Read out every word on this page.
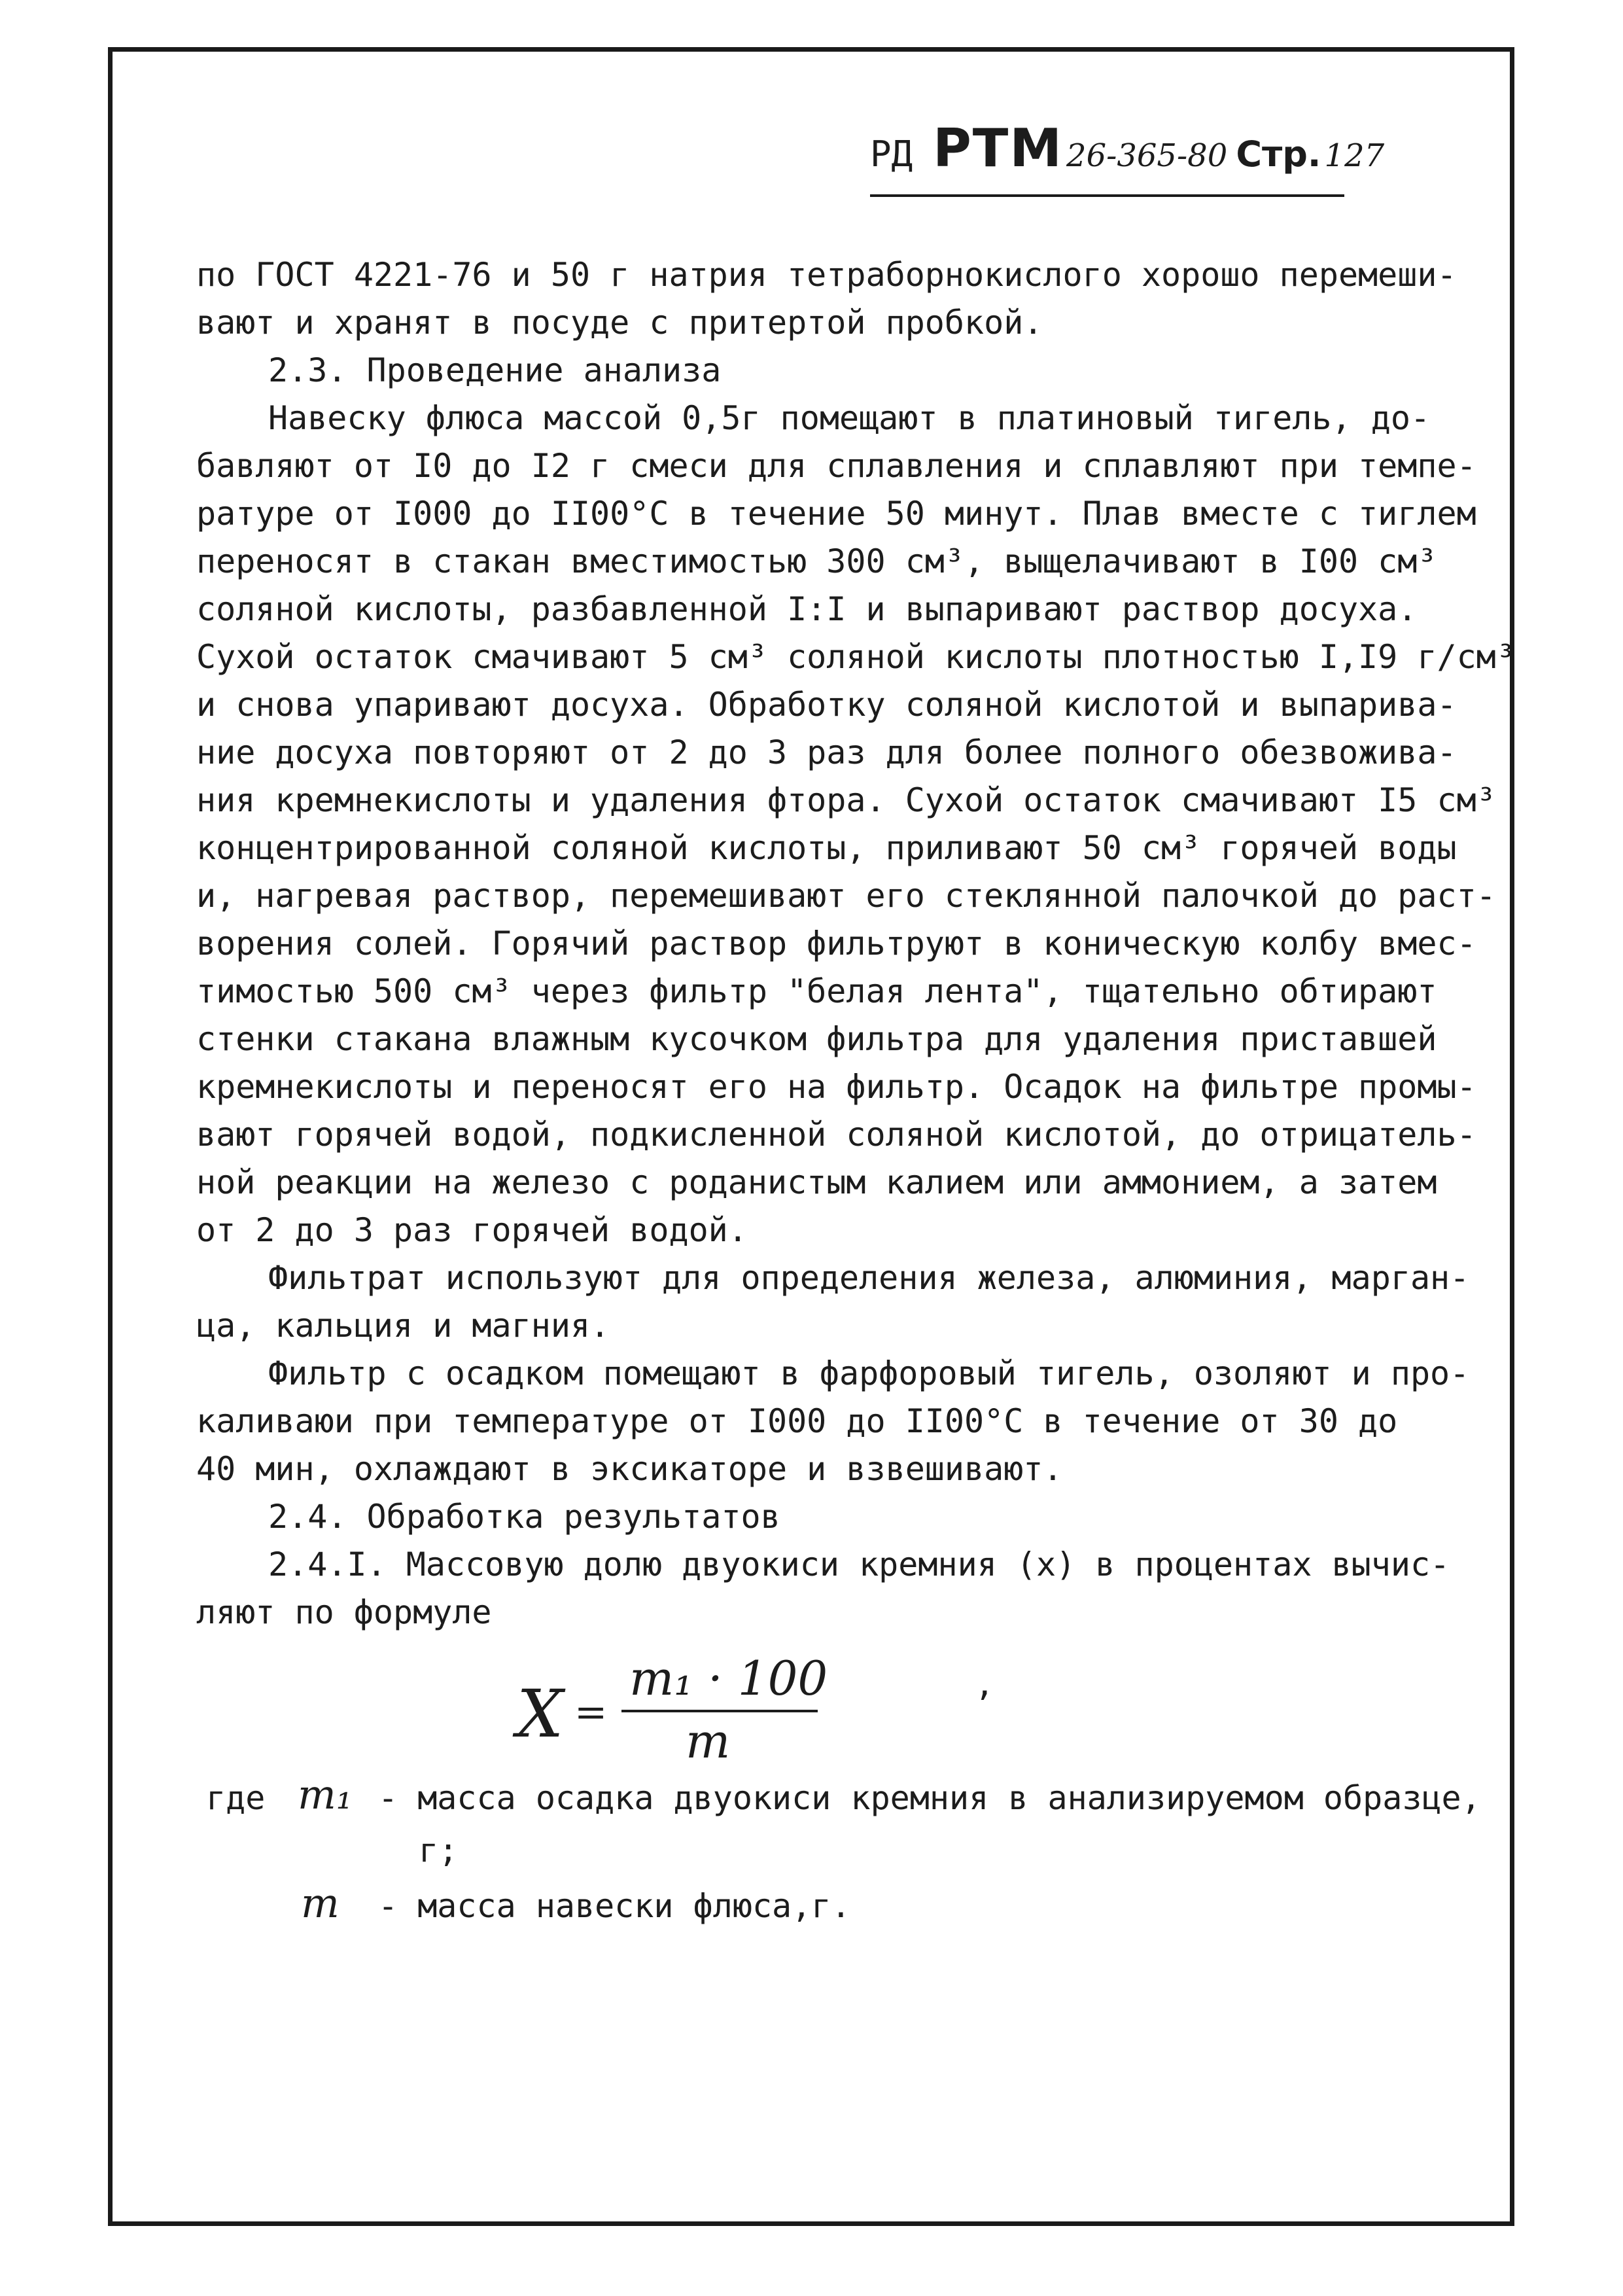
РД РТМ 26-365-80 Стр. 127
по ГОСТ 4221-76 и 50 г натрия тетраборнокислого хорошо перемеши-
вают и хранят в посуде с притертой пробкой.
2.3. Проведение анализа
Навеску флюса массой 0,5г помещают в платиновый тигель, до-
бавляют от I0 до I2 г смеси для сплавления и сплавляют при темпе-
ратуре от I000 до II00°С в течение 50 минут. Плав вместе с тиглем
переносят в стакан вместимостью 300 см³, выщелачивают в I00 см³
соляной кислоты, разбавленной I:I и выпаривают раствор досуха.
Сухой остаток смачивают 5 см³ соляной кислоты плотностью I,I9 г/см³
и снова упаривают досуха. Обработку соляной кислотой и выпарива-
ние досуха повторяют от 2 до 3 раз для более полного обезвожива-
ния кремнекислоты и удаления фтора. Сухой остаток смачивают I5 см³
концентрированной соляной кислоты, приливают 50 см³ горячей воды
и, нагревая раствор, перемешивают его стеклянной палочкой до раст-
ворения солей. Горячий раствор фильтруют в коническую колбу вмес-
тимостью 500 см³ через фильтр "белая лента", тщательно обтирают
стенки стакана влажным кусочком фильтра для удаления приставшей
кремнекислоты и переносят его на фильтр. Осадок на фильтре промы-
вают горячей водой, подкисленной соляной кислотой, до отрицатель-
ной реакции на железо с роданистым калием или аммонием, а затем
от 2 до 3 раз горячей водой.
Фильтрат используют для определения железа, алюминия, марган-
ца, кальция и магния.
Фильтр с осадком помещают в фарфоровый тигель, озоляют и про-
каливаюи при температуре от I000 до II00°С в течение от 30 до
40 мин, охлаждают в эксикаторе и взвешивают.
2.4. Обработка результатов
2.4.I. Массовую долю двуокиси кремния (х) в процентах вычис-
ляют по формуле
X =
m₁ · 100
m
,
где m₁ - масса осадка двуокиси кремния в анализируемом образце,
г;
m - масса навески флюса,г.
